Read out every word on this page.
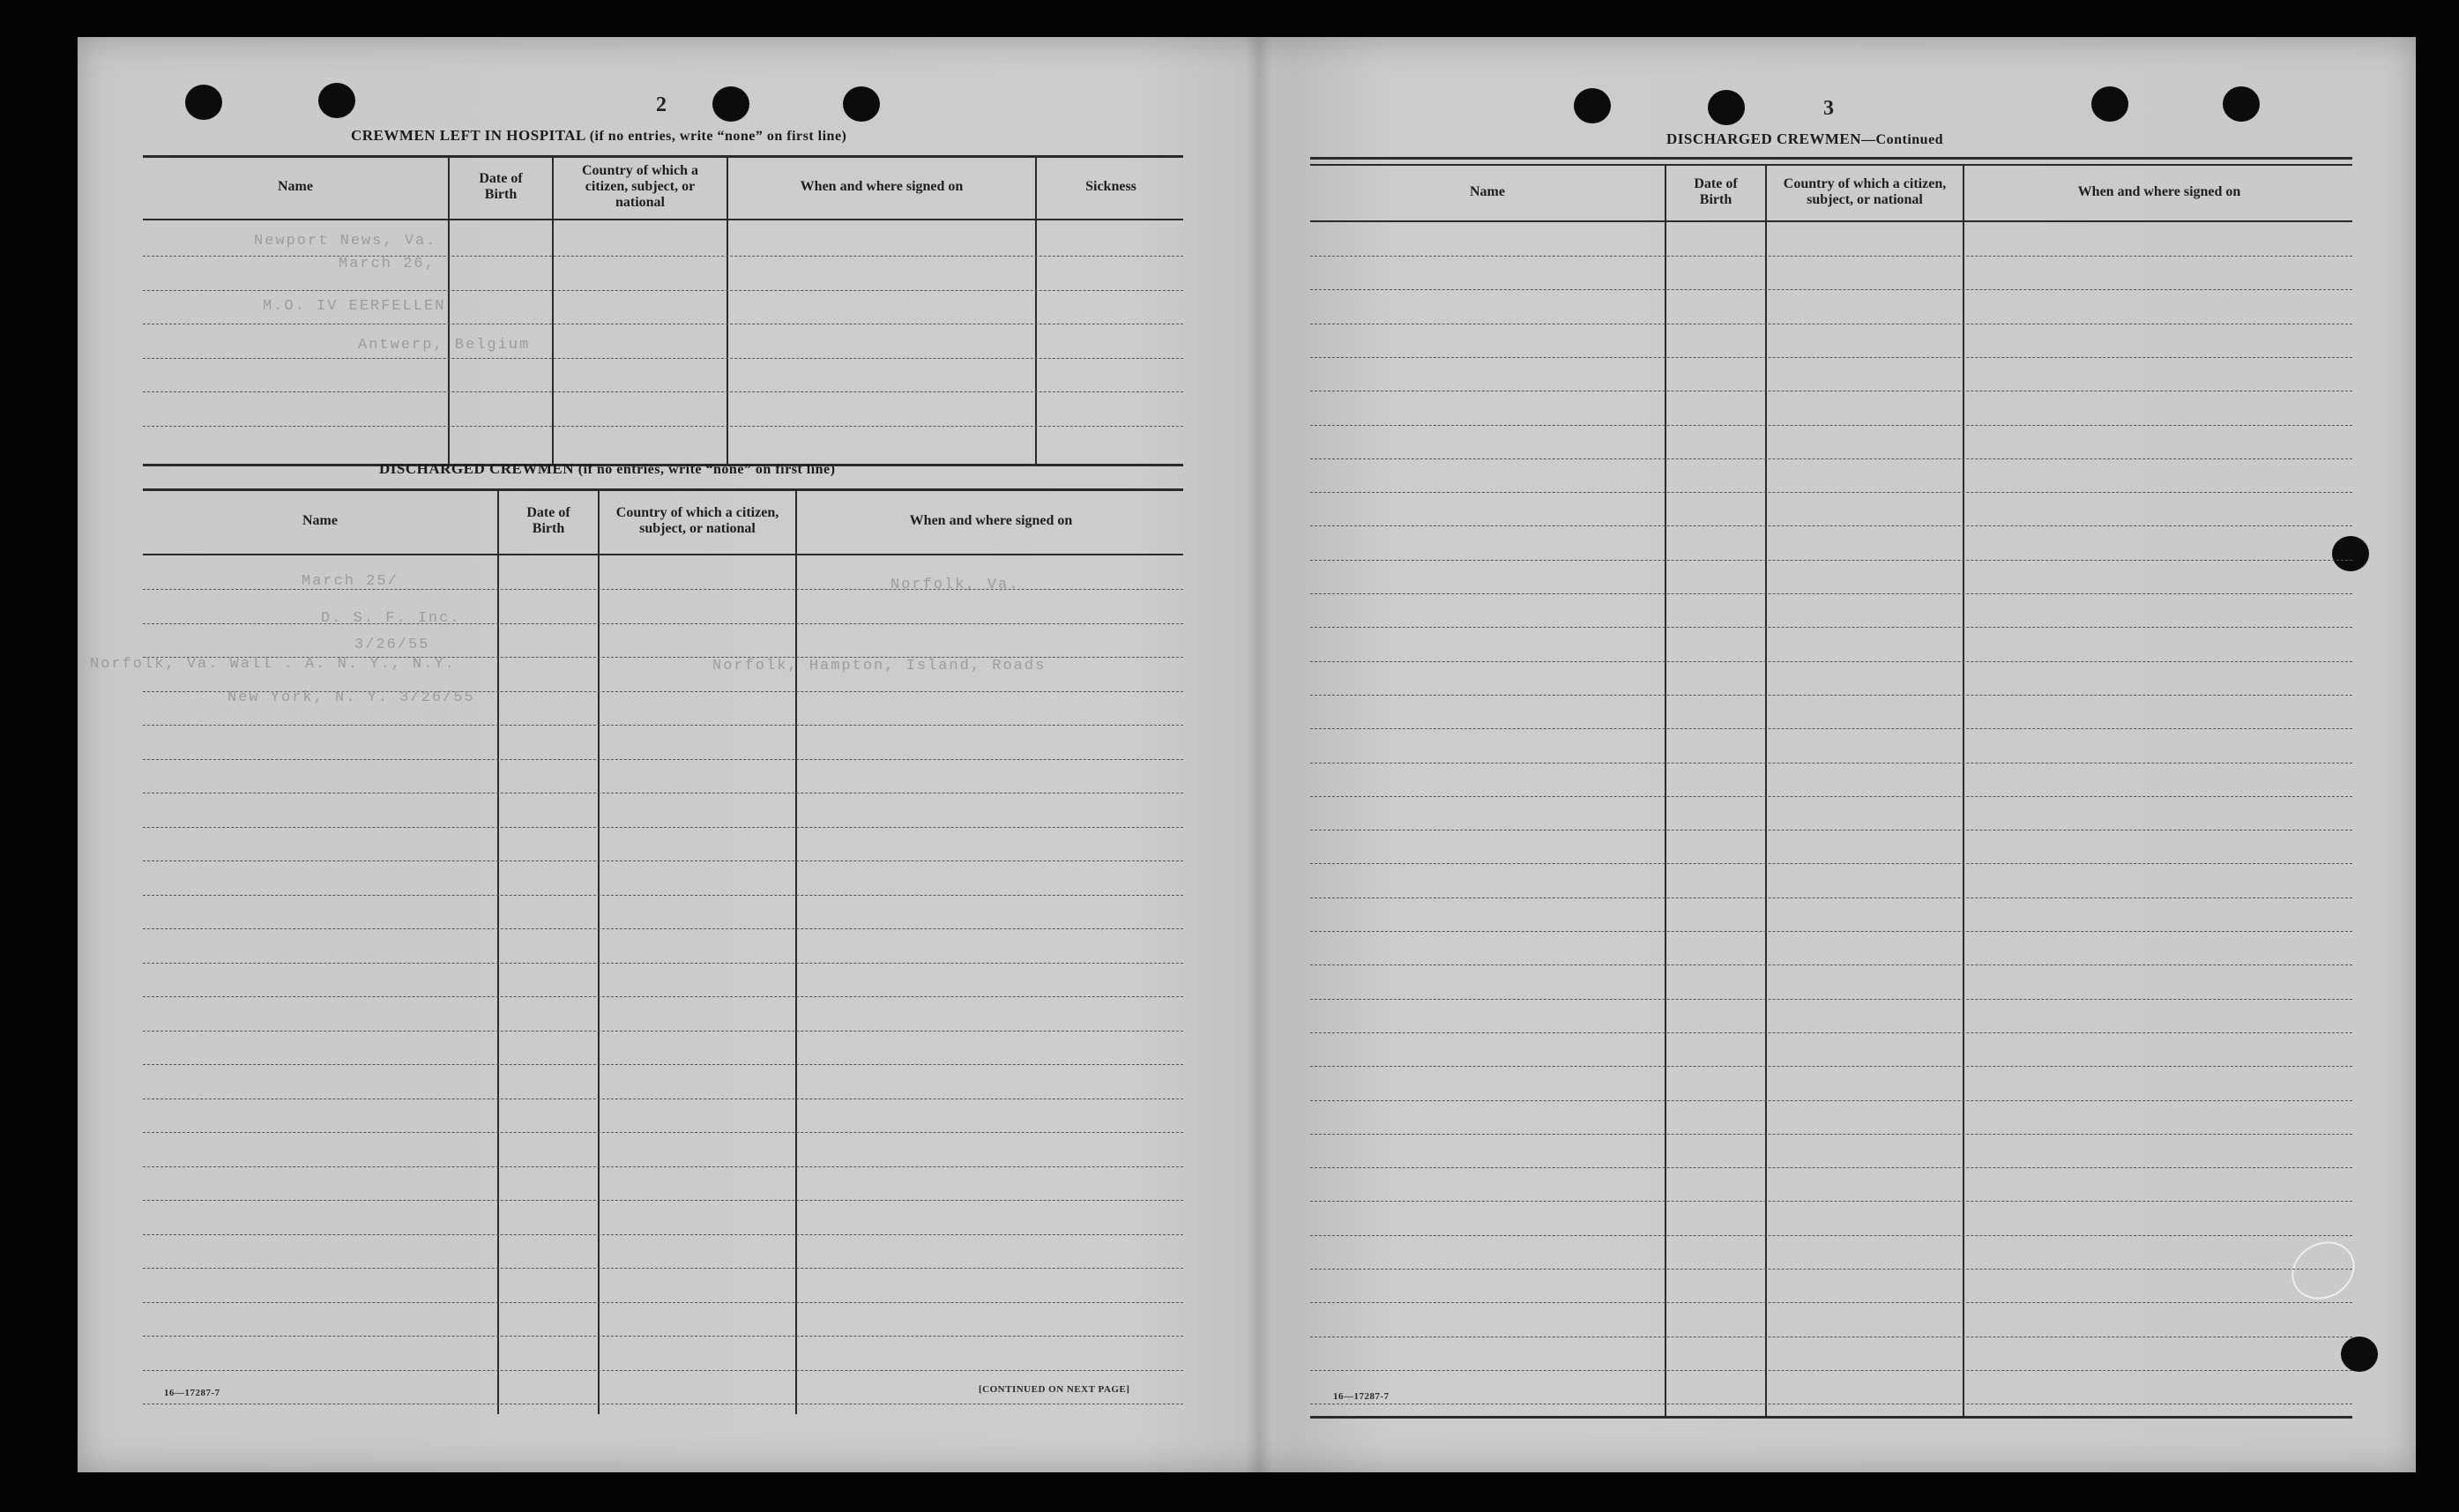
2
CREWMEN LEFT IN HOSPITAL (if no entries, write “none” on first line)
Name
Date of Birth
Country of which a citizen, subject, or national
When and where signed on	Sickness
DISCHARGED CREWMEN (if no entries, write “none” on first line)
Name
Date of Birth
Country of which a citizen, subject, or national
When and where signed on
16—17287-7	[CONTINUED ON NEXT PAGE]
Newport News, Va.
March 26,
M.O. IV EERFELLEN
Antwerp, Belgium
March 25/
D. S. F. Inc.
3/26/55
Norfolk, Va.
Norfolk, Va. Wall . A. N. Y., N.Y.
New York, N. Y. 3/26/55
Norfolk, Hampton, Island, Roads
3
DISCHARGED CREWMEN—Continued
Name
Date of Birth
Country of which a citizen, subject, or national
When and where signed on
16—17287-7
